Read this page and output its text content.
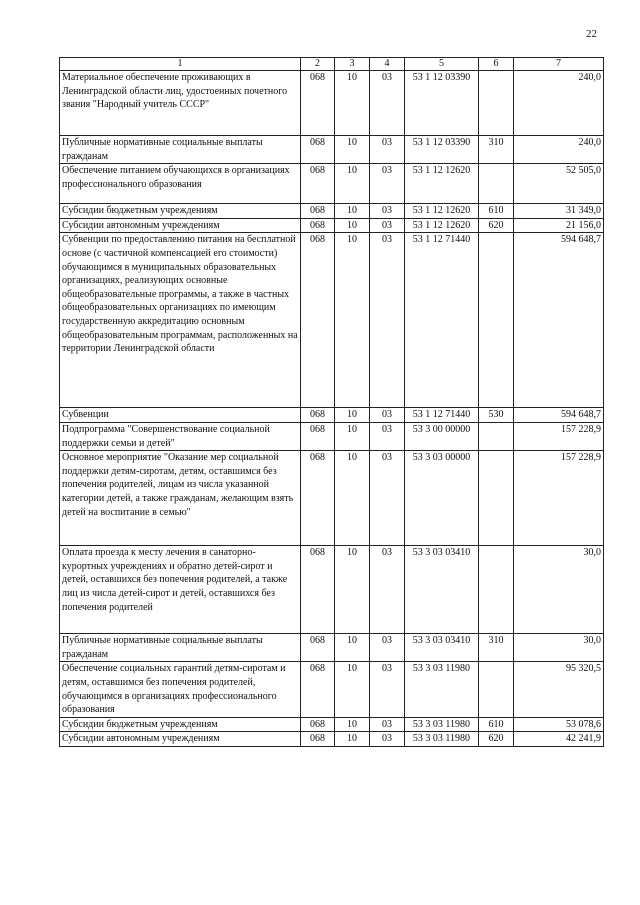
22
1	2	3	4	5	6	7
Материальное обеспечение проживающих в Ленинградской области лиц, удостоенных почетного звания "Народный учитель СССР"	068	10	03	53 1 12 03390		240,0
Публичные нормативные социальные выплаты гражданам	068	10	03	53 1 12 03390	310	240,0
Обеспечение питанием обучающихся в организациях профессионального образования	068	10	03	53 1 12 12620		52 505,0
Субсидии бюджетным учреждениям	068	10	03	53 1 12 12620	610	31 349,0
Субсидии автономным учреждениям	068	10	03	53 1 12 12620	620	21 156,0
Субвенции по предоставлению питания на бесплатной основе (с частичной компенсацией его стоимости) обучающимся в муниципальных образовательных организациях, реализующих основные общеобразовательные программы, а также в частных общеобразовательных организациях по имеющим государственную аккредитацию основным общеобразовательным программам, расположенных на территории Ленинградской области	068	10	03	53 1 12 71440		594 648,7
Субвенции	068	10	03	53 1 12 71440	530	594 648,7
Подпрограмма "Совершенствование социальной поддержки семьи и детей"	068	10	03	53 3 00 00000		157 228,9
Основное мероприятие "Оказание мер социальной поддержки детям-сиротам, детям, оставшимся без попечения родителей, лицам из числа указанной категории детей, а также гражданам, желающим взять детей на воспитание в семью"	068	10	03	53 3 03 00000		157 228,9
Оплата проезда к месту лечения в санаторно-курортных учреждениях и обратно детей-сирот и детей, оставшихся без попечения родителей, а также лиц из числа детей-сирот и детей, оставшихся без попечения родителей	068	10	03	53 3 03 03410		30,0
Публичные нормативные социальные выплаты гражданам	068	10	03	53 3 03 03410	310	30,0
Обеспечение социальных гарантий детям-сиротам и детям, оставшимся без попечения родителей, обучающимся в организациях профессионального образования	068	10	03	53 3 03 11980		95 320,5
Субсидии бюджетным учреждениям	068	10	03	53 3 03 11980	610	53 078,6
Субсидии автономным учреждениям	068	10	03	53 3 03 11980	620	42 241,9
